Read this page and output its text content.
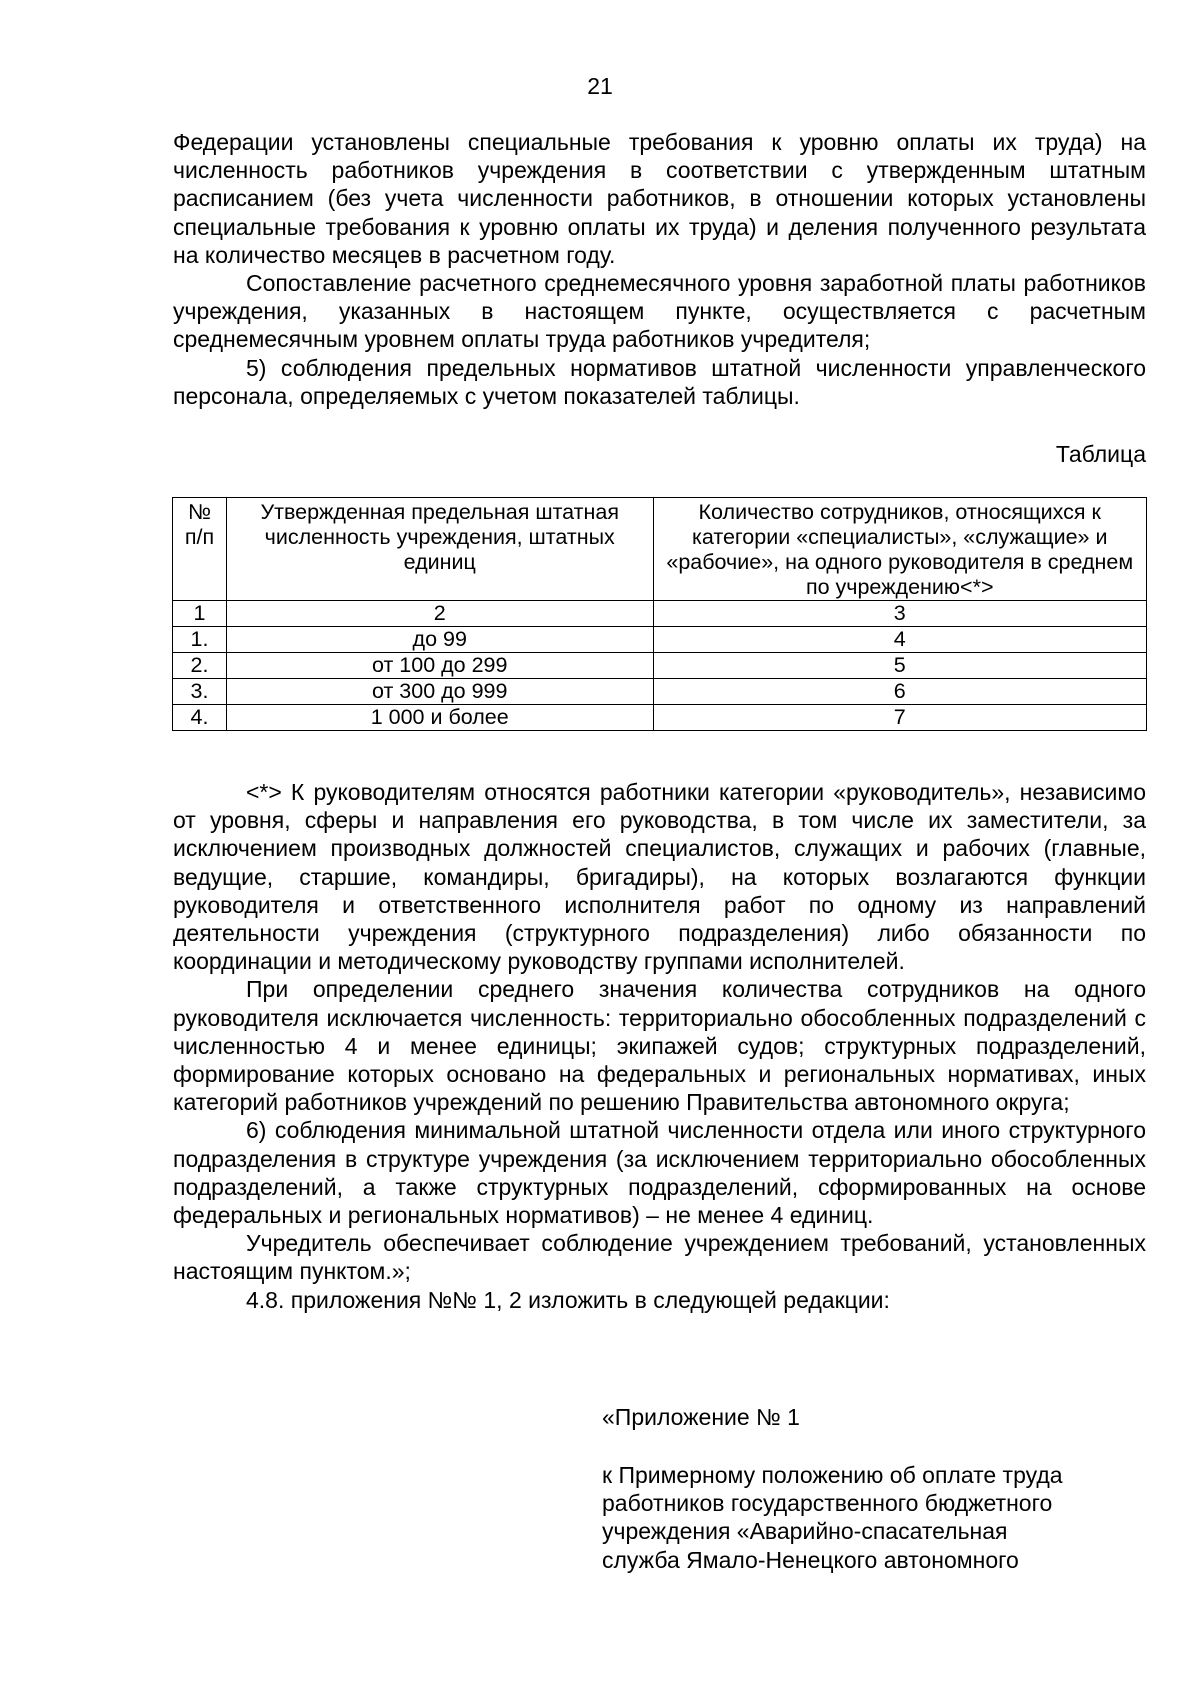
21

Федерации установлены специальные требования к уровню оплаты их труда) на численность работников учреждения в соответствии с утвержденным штатным расписанием (без учета численности работников, в отношении которых установлены специальные требования к уровню оплаты их труда) и деления полученного результата на количество месяцев в расчетном году.

Сопоставление расчетного среднемесячного уровня заработной платы работников учреждения, указанных в настоящем пункте, осуществляется с расчетным среднемесячным уровнем оплаты труда работников учредителя;

5) соблюдения предельных нормативов штатной численности управленческого персонала, определяемых с учетом показателей таблицы.

Таблица
№ п/п	Утвержденная предельная штатная численность учреждения, штатных единиц	Количество сотрудников, относящихся к категории «специалисты», «служащие» и «рабочие», на одного руководителя в среднем по учреждению<*>
1	2	3
1.	до 99	4
2.	от 100 до 299	5
3.	от 300 до 999	6
4.	1 000 и более	7

<*> К руководителям относятся работники категории «руководитель», независимо от уровня, сферы и направления его руководства, в том числе их заместители, за исключением производных должностей специалистов, служащих и рабочих (главные, ведущие, старшие, командиры, бригадиры), на которых возлагаются функции руководителя и ответственного исполнителя работ по одному из направлений деятельности учреждения (структурного подразделения) либо обязанности по координации и методическому руководству группами исполнителей.

При определении среднего значения количества сотрудников на одного руководителя исключается численность: территориально обособленных подразделений с численностью 4 и менее единицы; экипажей судов; структурных подразделений, формирование которых основано на федеральных и региональных нормативах, иных категорий работников учреждений по решению Правительства автономного округа;

6) соблюдения минимальной штатной численности отдела или иного структурного подразделения в структуре учреждения (за исключением территориально обособленных подразделений, а также структурных подразделений, сформированных на основе федеральных и региональных нормативов) – не менее 4 единиц.

Учредитель обеспечивает соблюдение учреждением требований, установленных настоящим пунктом.»;

4.8. приложения №№ 1, 2 изложить в следующей редакции:

«Приложение № 1

к Примерному положению об оплате труда

работников государственного бюджетного

учреждения «Аварийно-спасательная

служба Ямало-Ненецкого автономного
